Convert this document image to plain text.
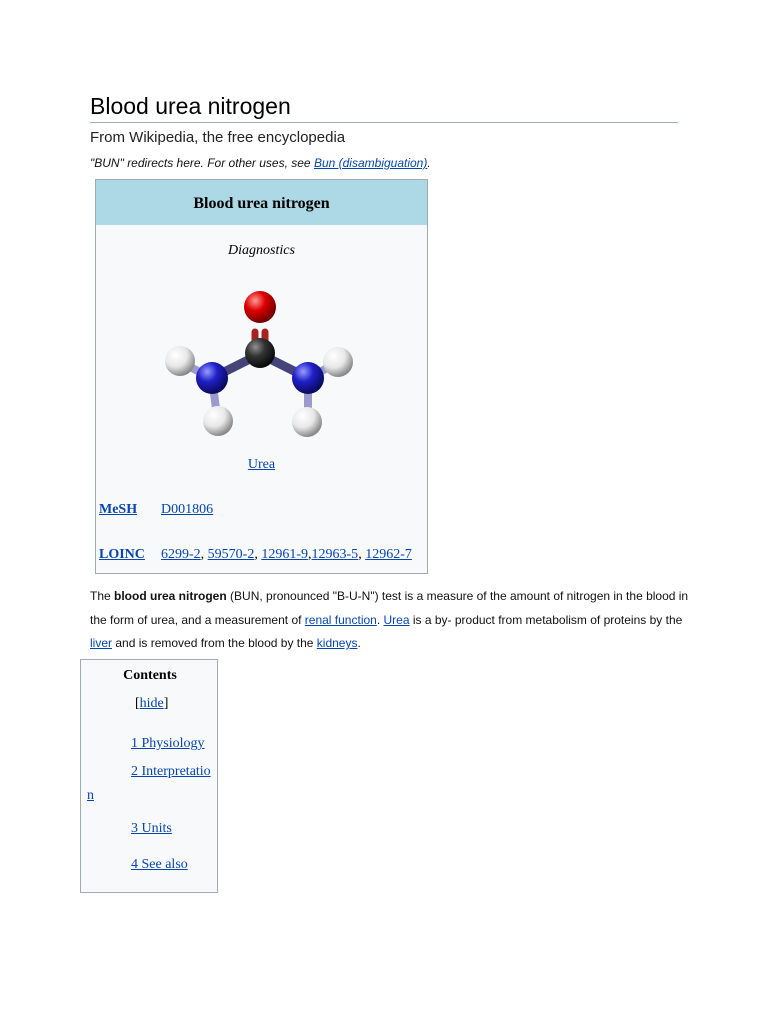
Blood urea nitrogen
From Wikipedia, the free encyclopedia
"BUN" redirects here. For other uses, see Bun (disambiguation).
Blood urea nitrogen
Diagnostics
Urea
MeSH D001806
LOINC 6299-2, 59570-2, 12961-9,12963-5, 12962-7
The blood urea nitrogen (BUN, pronounced "B-U-N") test is a measure of the amount of nitrogen in the blood in the form of urea, and a measurement of renal function. Urea is a by- product from metabolism of proteins by the liver and is removed from the blood by the kidneys.
Contents
[hide]
1 Physiology
2 Interpretation
3 Units
4 See also
